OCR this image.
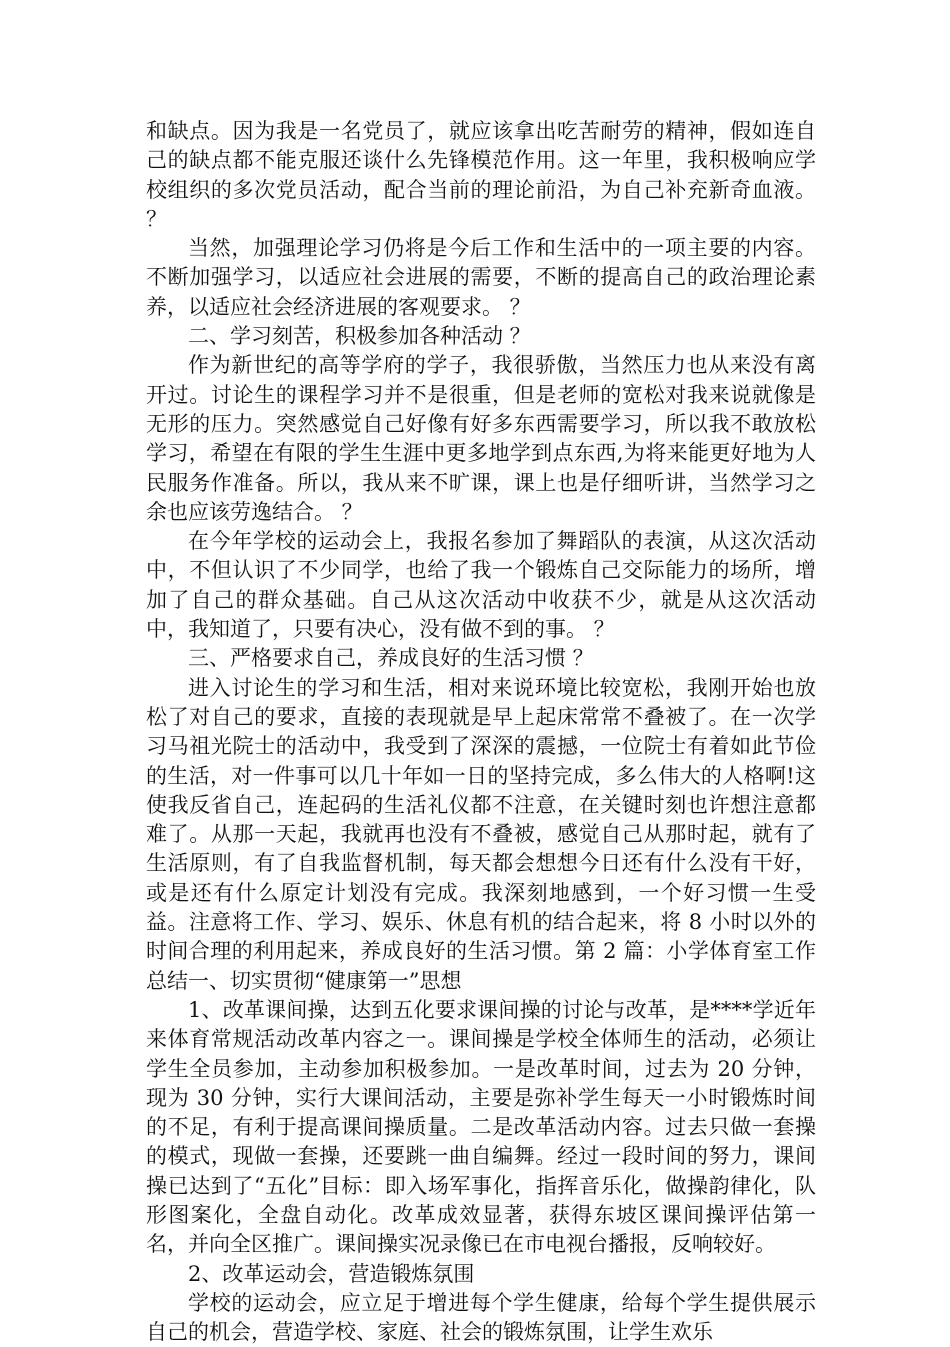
和缺点。因为我是一名党员了，就应该拿出吃苦耐劳的精神，假如连自己的缺点都不能克服还谈什么先锋模范作用。这一年里，我积极响应学校组织的多次党员活动，配合当前的理论前沿，为自己补充新奇血液。 ？

当然，加强理论学习仍将是今后工作和生活中的一项主要的内容。不断加强学习，以适应社会进展的需要，不断的提高自己的政治理论素养，以适应社会经济进展的客观要求。 ？

二、学习刻苦，积极参加各种活动 ？

作为新世纪的高等学府的学子，我很骄傲，当然压力也从来没有离开过。讨论生的课程学习并不是很重，但是老师的宽松对我来说就像是无形的压力。突然感觉自己好像有好多东西需要学习，所以我不敢放松学习，希望在有限的学生生涯中更多地学到点东西,为将来能更好地为人民服务作准备。所以，我从来不旷课，课上也是仔细听讲，当然学习之余也应该劳逸结合。 ？

在今年学校的运动会上，我报名参加了舞蹈队的表演，从这次活动中，不但认识了不少同学，也给了我一个锻炼自己交际能力的场所，增加了自己的群众基础。自己从这次活动中收获不少，就是从这次活动中，我知道了，只要有决心，没有做不到的事。 ？

三、严格要求自己，养成良好的生活习惯 ？

进入讨论生的学习和生活，相对来说环境比较宽松，我刚开始也放松了对自己的要求，直接的表现就是早上起床常常不叠被了。在一次学习马祖光院士的活动中，我受到了深深的震撼，一位院士有着如此节俭的生活，对一件事可以几十年如一日的坚持完成，多么伟大的人格啊!这使我反省自己，连起码的生活礼仪都不注意，在关键时刻也许想注意都难了。从那一天起，我就再也没有不叠被，感觉自己从那时起，就有了生活原则，有了自我监督机制，每天都会想想今日还有什么没有干好，或是还有什么原定计划没有完成。我深刻地感到，一个好习惯一生受益。注意将工作、学习、娱乐、休息有机的结合起来，将 8 小时以外的时间合理的利用起来，养成良好的生活习惯。第 2 篇：小学体育室工作总结一、切实贯彻“健康第一”思想

1、改革课间操，达到五化要求课间操的讨论与改革，是****学近年来体育常规活动改革内容之一。课间操是学校全体师生的活动，必须让学生全员参加，主动参加积极参加。一是改革时间，过去为 20 分钟，现为 30 分钟，实行大课间活动，主要是弥补学生每天一小时锻炼时间的不足，有利于提高课间操质量。二是改革活动内容。过去只做一套操的模式，现做一套操，还要跳一曲自编舞。经过一段时间的努力，课间操已达到了“五化”目标：即入场军事化，指挥音乐化，做操韵律化，队形图案化，全盘自动化。改革成效显著，获得东坡区课间操评估第一名，并向全区推广。课间操实况录像已在市电视台播报，反响较好。

2、改革运动会，营造锻炼氛围

学校的运动会，应立足于增进每个学生健康，给每个学生提供展示自己的机会，营造学校、家庭、社会的锻炼氛围，让学生欢乐
